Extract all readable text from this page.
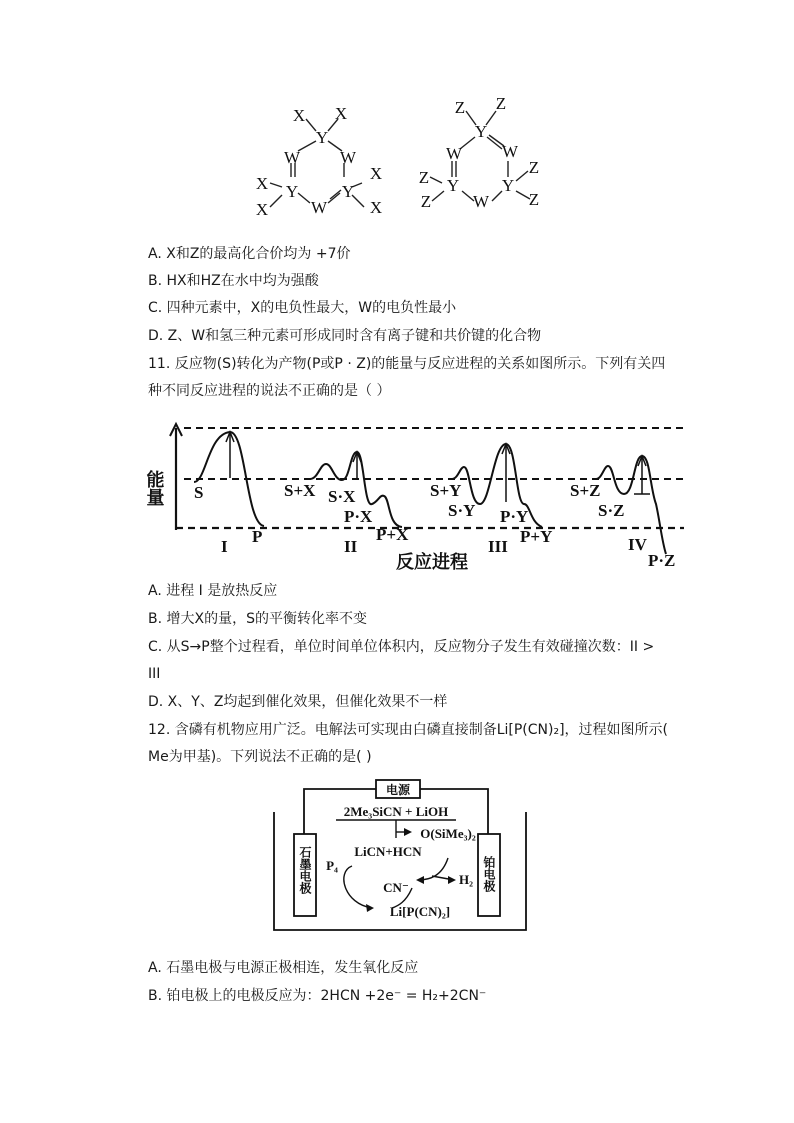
X X
Y
W W
Y	Y
W
X
X
X
X
Z Z
Y
W W
Y	Y
W
Z
Z
Z
Z
A. X和Z的最高化合价均为 +7价
B. HX和HZ在水中均为强酸
C. 四种元素中，X的电负性最大，W的电负性最小
D. Z、W和氢三种元素可形成同时含有离子键和共价键的化合物
11. 反应物(S)转化为产物(P或P · Z)的能量与反应进程的关系如图所示。下列有关四
种不同反应进程的说法不正确的是（ ）
能量
反应进程
S
P
I
S+X S·X
P·X
P+X
II
S+Y
S·Y P·Y
P+Y
III
S+Z
S·Z
P·Z
IV
A. 进程 I 是放热反应
B. 增大X的量，S的平衡转化率不变
C. 从S→P整个过程看，单位时间单位体积内，反应物分子发生有效碰撞次数：II >
III
D. X、Y、Z均起到催化效果，但催化效果不一样
12. 含磷有机物应用广泛。电解法可实现由白磷直接制备Li[P(CN)₂]，过程如图所示(
Me为甲基)。下列说法不正确的是( )
电源
2Me₃SiCN + LiOH
O(SiMe₃)₂
LiCN+HCN
P₄
CN⁻
H₂
Li[P(CN)₂]
石墨电极	铂电极
A. 石墨电极与电源正极相连，发生氧化反应
B. 铂电极上的电极反应为：2HCN +2e⁻ = H₂+2CN⁻
